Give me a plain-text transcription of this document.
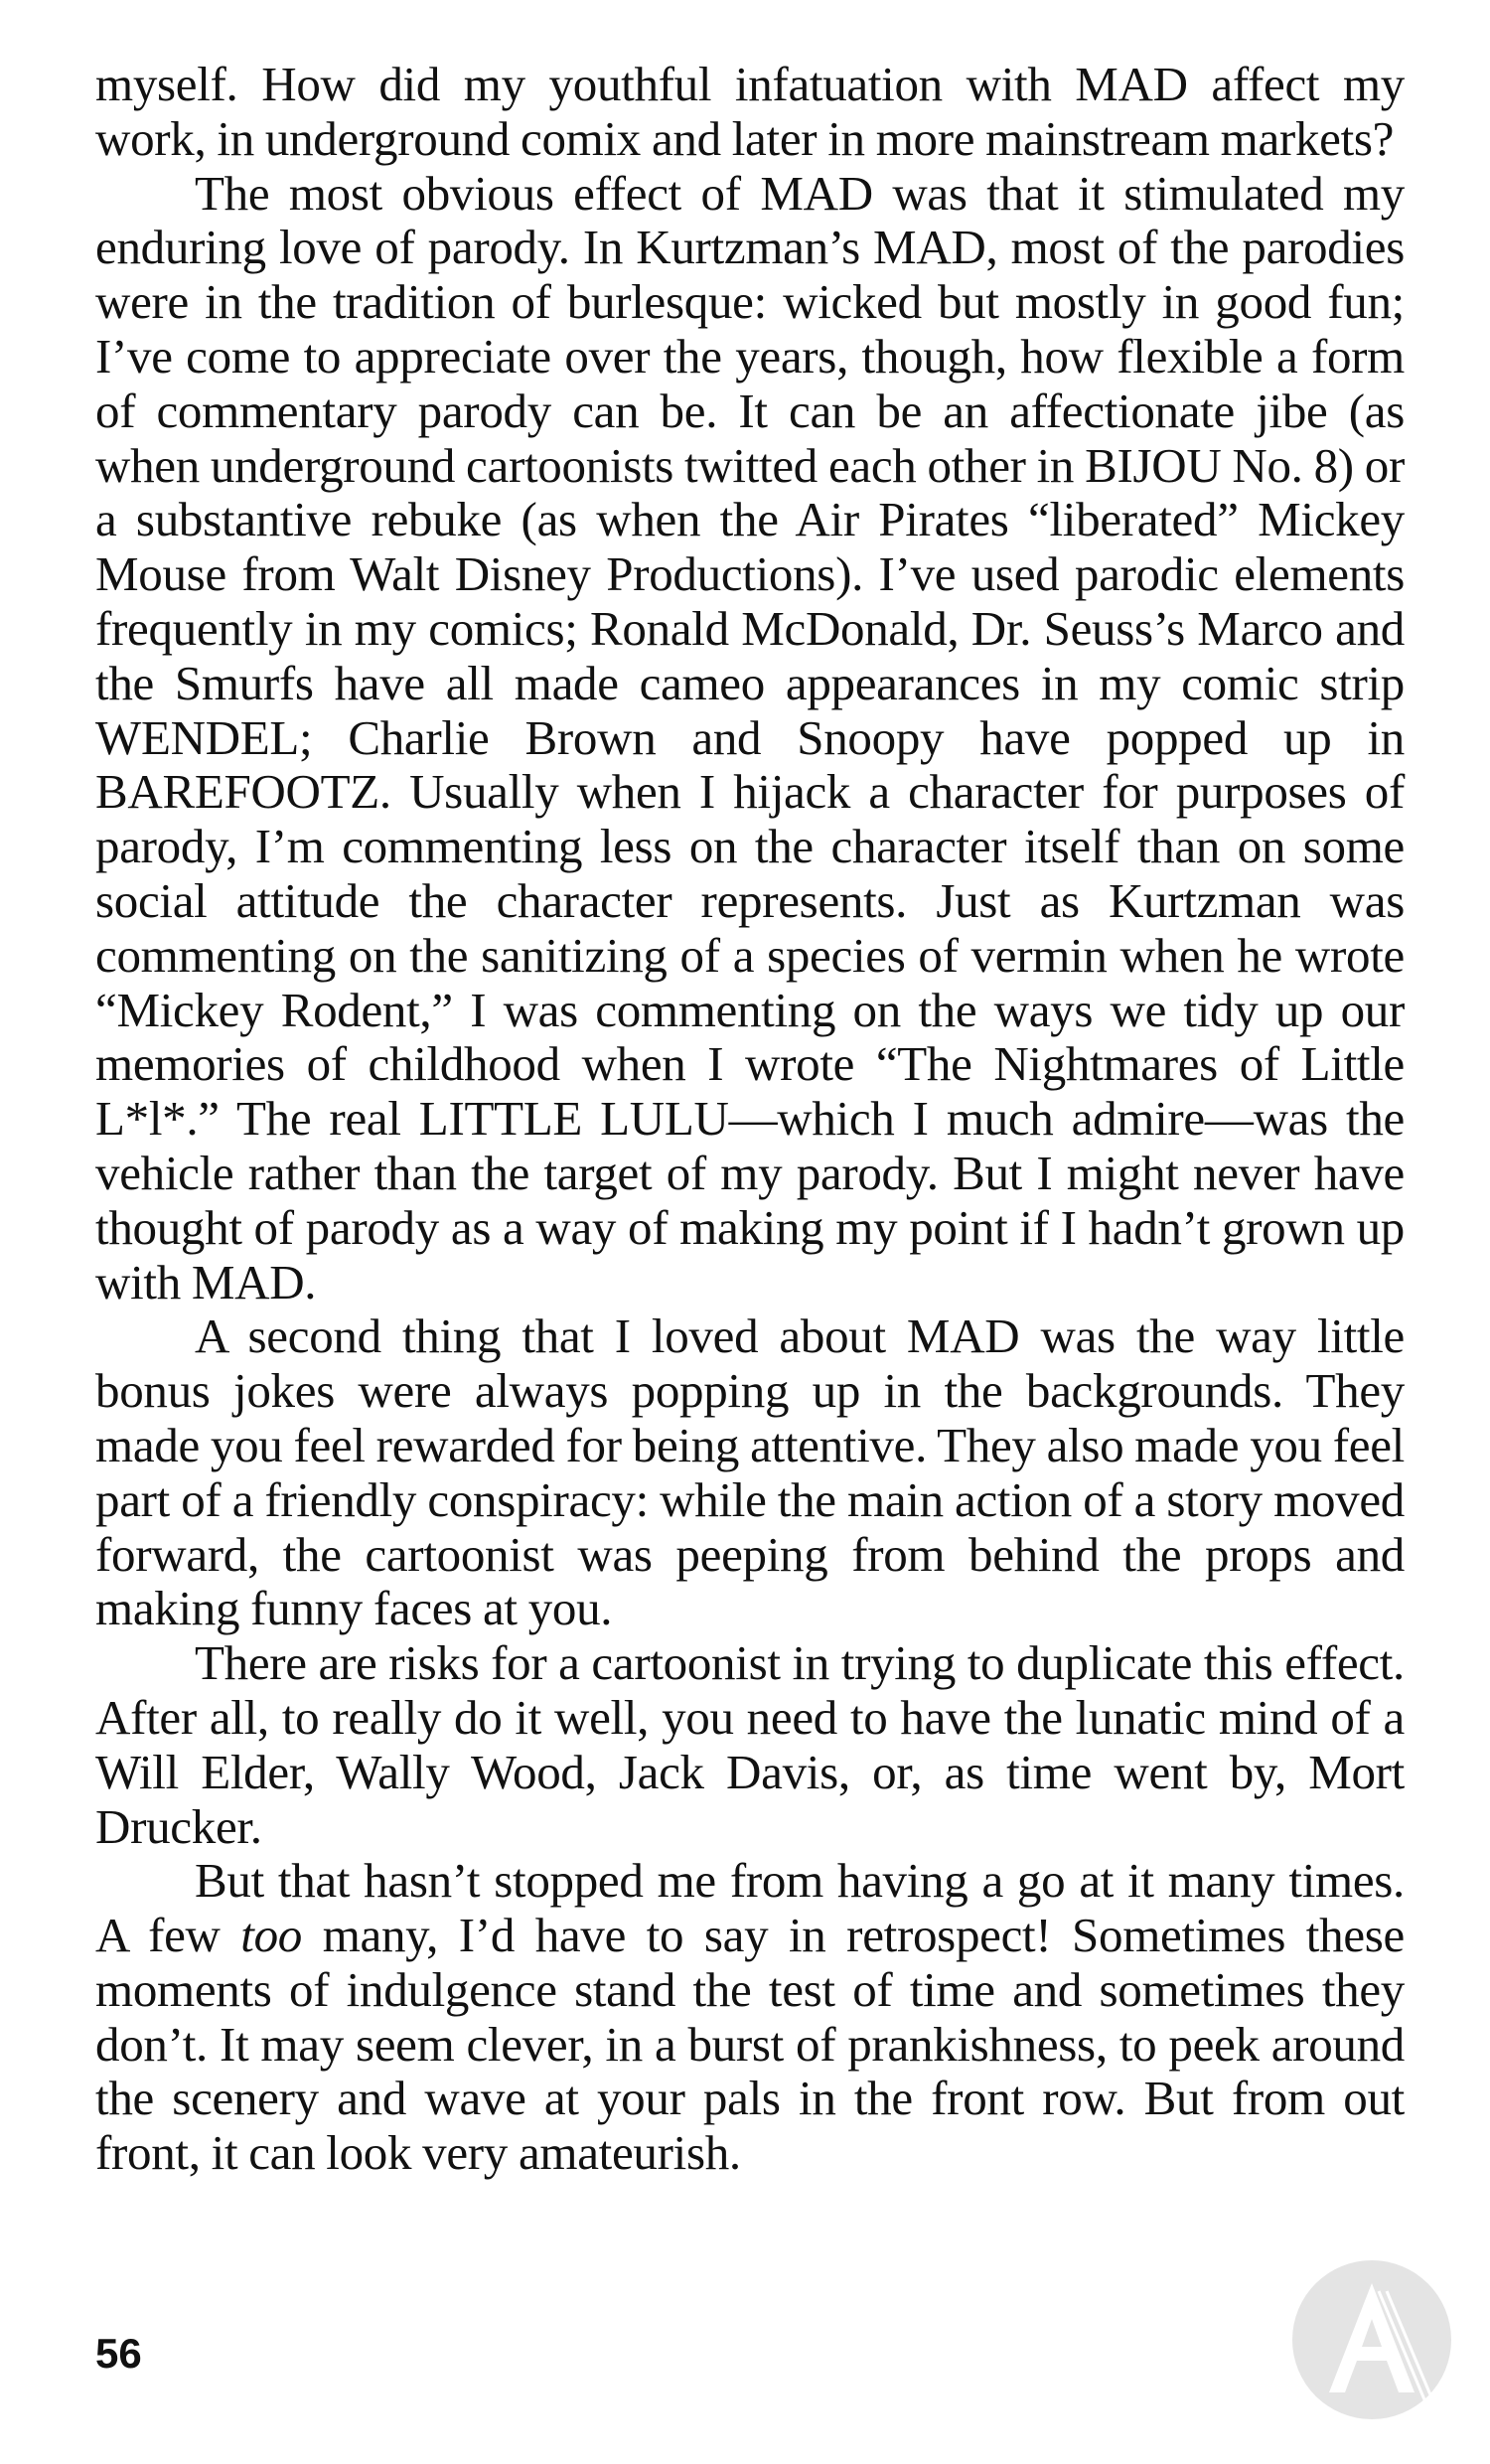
myself. How did my youthful infatuation with MAD affect my work, in underground comix and later in more mainstream markets?

The most obvious effect of MAD was that it stimulated my enduring love of parody. In Kurtzman’s MAD, most of the parodies were in the tradition of burlesque: wicked but mostly in good fun; I’ve come to appreciate over the years, though, how flexible a form of commentary parody can be. It can be an affectionate jibe (as when underground cartoonists twitted each other in BIJOU No. 8) or a substantive rebuke (as when the Air Pirates “liberated” Mickey Mouse from Walt Disney Productions). I’ve used parodic elements frequently in my comics; Ronald McDonald, Dr. Seuss’s Marco and the Smurfs have all made cameo appearances in my comic strip WENDEL; Charlie Brown and Snoopy have popped up in BAREFOOTZ. Usually when I hijack a character for purposes of parody, I’m commenting less on the character itself than on some social attitude the character represents. Just as Kurtzman was commenting on the sanitizing of a species of vermin when he wrote “Mickey Rodent,” I was commenting on the ways we tidy up our memories of childhood when I wrote “The Nightmares of Little L*l*.” The real LITTLE LULU—which I much admire—was the vehicle rather than the target of my parody. But I might never have thought of parody as a way of making my point if I hadn’t grown up with MAD.

A second thing that I loved about MAD was the way little bonus jokes were always popping up in the backgrounds. They made you feel rewarded for being attentive. They also made you feel part of a friendly conspiracy: while the main action of a story moved forward, the cartoonist was peeping from behind the props and making funny faces at you.

There are risks for a cartoonist in trying to duplicate this effect. After all, to really do it well, you need to have the lunatic mind of a Will Elder, Wally Wood, Jack Davis, or, as time went by, Mort Drucker.

But that hasn’t stopped me from having a go at it many times. A few too many, I’d have to say in retrospect! Sometimes these moments of indulgence stand the test of time and sometimes they don’t. It may seem clever, in a burst of prankishness, to peek around the scenery and wave at your pals in the front row. But from out front, it can look very amateurish.

56
